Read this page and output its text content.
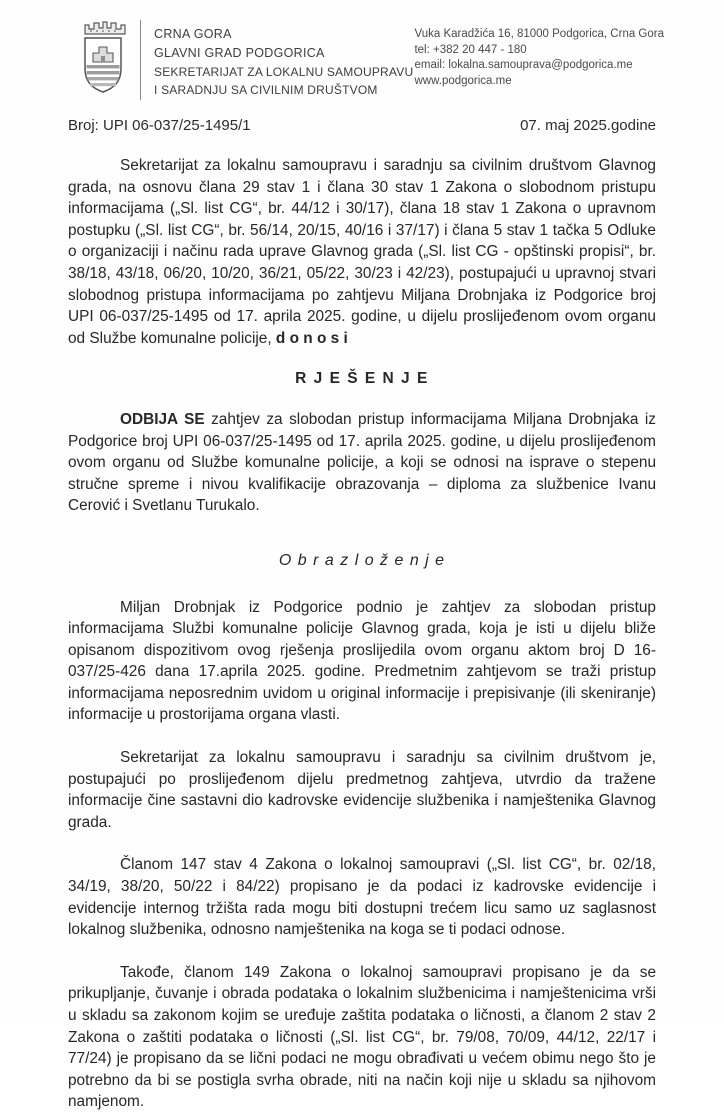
CRNA GORA
GLAVNI GRAD PODGORICA
SEKRETARIJAT ZA LOKALNU SAMOUPRAVU
I SARADNJU SA CIVILNIM DRUŠTVOM
Vuka Karadžića 16, 81000 Podgorica, Crna Gora
tel: +382 20 447 - 180
email: lokalna.samouprava@podgorica.me
www.podgorica.me
Broj: UPI 06-037/25-1495/1	07. maj 2025.godine

Sekretarijat za lokalnu samoupravu i saradnju sa civilnim društvom Glavnog grada, na osnovu člana 29 stav 1 i člana 30 stav 1 Zakona o slobodnom pristupu informacijama („Sl. list CG“, br. 44/12 i 30/17), člana 18 stav 1 Zakona o upravnom postupku („Sl. list CG“, br. 56/14, 20/15, 40/16 i 37/17) i člana 5 stav 1 tačka 5 Odluke o organizaciji i načinu rada uprave Glavnog grada („Sl. list CG - opštinski propisi“, br. 38/18, 43/18, 06/20, 10/20, 36/21, 05/22, 30/23 i 42/23), postupajući u upravnoj stvari slobodnog pristupa informacijama po zahtjevu Miljana Drobnjaka iz Podgorice broj UPI 06-037/25-1495 od 17. aprila 2025. godine, u dijelu proslijeđenom ovom organu od Službe komunalne policije, d o n o s i

R J E Š E N J E

ODBIJA SE zahtjev za slobodan pristup informacijama Miljana Drobnjaka iz Podgorice broj UPI 06-037/25-1495 od 17. aprila 2025. godine, u dijelu proslijeđenom ovom organu od Službe komunalne policije, a koji se odnosi na isprave o stepenu stručne spreme i nivou kvalifikacije obrazovanja – diploma za službenice Ivanu Cerović i Svetlanu Turukalo.

O b r a z l o ž e n j e

Miljan Drobnjak iz Podgorice podnio je zahtjev za slobodan pristup informacijama Službi komunalne policije Glavnog grada, koja je isti u dijelu bliže opisanom dispozitivom ovog rješenja proslijedila ovom organu aktom broj D 16-037/25-426 dana 17.aprila 2025. godine. Predmetnim zahtjevom se traži pristup informacijama neposrednim uvidom u original informacije i prepisivanje (ili skeniranje) informacije u prostorijama organa vlasti.

Sekretarijat za lokalnu samoupravu i saradnju sa civilnim društvom je, postupajući po proslijeđenom dijelu predmetnog zahtjeva, utvrdio da tražene informacije čine sastavni dio kadrovske evidencije službenika i namještenika Glavnog grada.

Članom 147 stav 4 Zakona o lokalnoj samoupravi („Sl. list CG“, br. 02/18, 34/19, 38/20, 50/22 i 84/22) propisano je da podaci iz kadrovske evidencije i evidencije internog tržišta rada mogu biti dostupni trećem licu samo uz saglasnost lokalnog službenika, odnosno namještenika na koga se ti podaci odnose.

Takođe, članom 149 Zakona o lokalnoj samoupravi propisano je da se prikupljanje, čuvanje i obrada podataka o lokalnim službenicima i namještenicima vrši u skladu sa zakonom kojim se uređuje zaštita podataka o ličnosti, a članom 2 stav 2 Zakona o zaštiti podataka o ličnosti („Sl. list CG“, br. 79/08, 70/09, 44/12, 22/17 i 77/24) je propisano da se lični podaci ne mogu obrađivati u većem obimu nego što je potrebno da bi se postigla svrha obrade, niti na način koji nije u skladu sa njihovom namjenom.
